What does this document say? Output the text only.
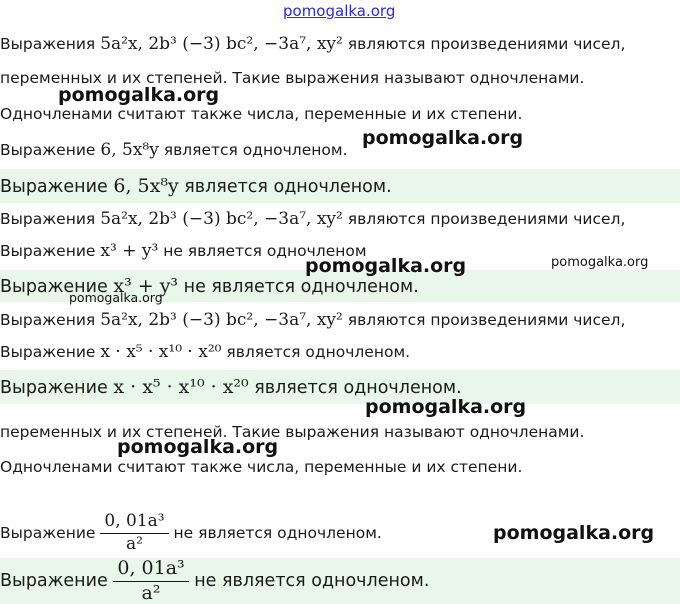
Выражения 5a²x, 2b³ (−3) bc², −3a⁷, xy² являются произведениями чисел,
переменных и их степеней. Такие выражения называют одночленами.
Одночленами считают также числа, переменные и их степени.
Выражение 6, 5x⁸y является одночленом.
Выражение 6, 5x⁸y является одночленом.
Выражения 5a²x, 2b³ (−3) bc², −3a⁷, xy² являются произведениями чисел,
Выражение x³ + y³ не является одночленом
Выражение x³ + y³ не является одночленом.
Выражения 5a²x, 2b³ (−3) bc², −3a⁷, xy² являются произведениями чисел,
Выражение x · x⁵ · x¹⁰ · x²⁰ является одночленом.
Выражение x · x⁵ · x¹⁰ · x²⁰ является одночленом.
переменных и их степеней. Такие выражения называют одночленами.
Одночленами считают также числа, переменные и их степени.
Выражение $\frac{\text{0, 01a³}}{\text{a²}}$ не является одночленом.
Выражение $\frac{\text{0, 01a³}}{\text{a²}}$ не является одночленом.
pomogalka.org
pomogalka.org
pomogalka.org
pomogalka.org	pomogalka.org
pomogalka.org
pomogalka.org
pomogalka.org
pomogalka.org
